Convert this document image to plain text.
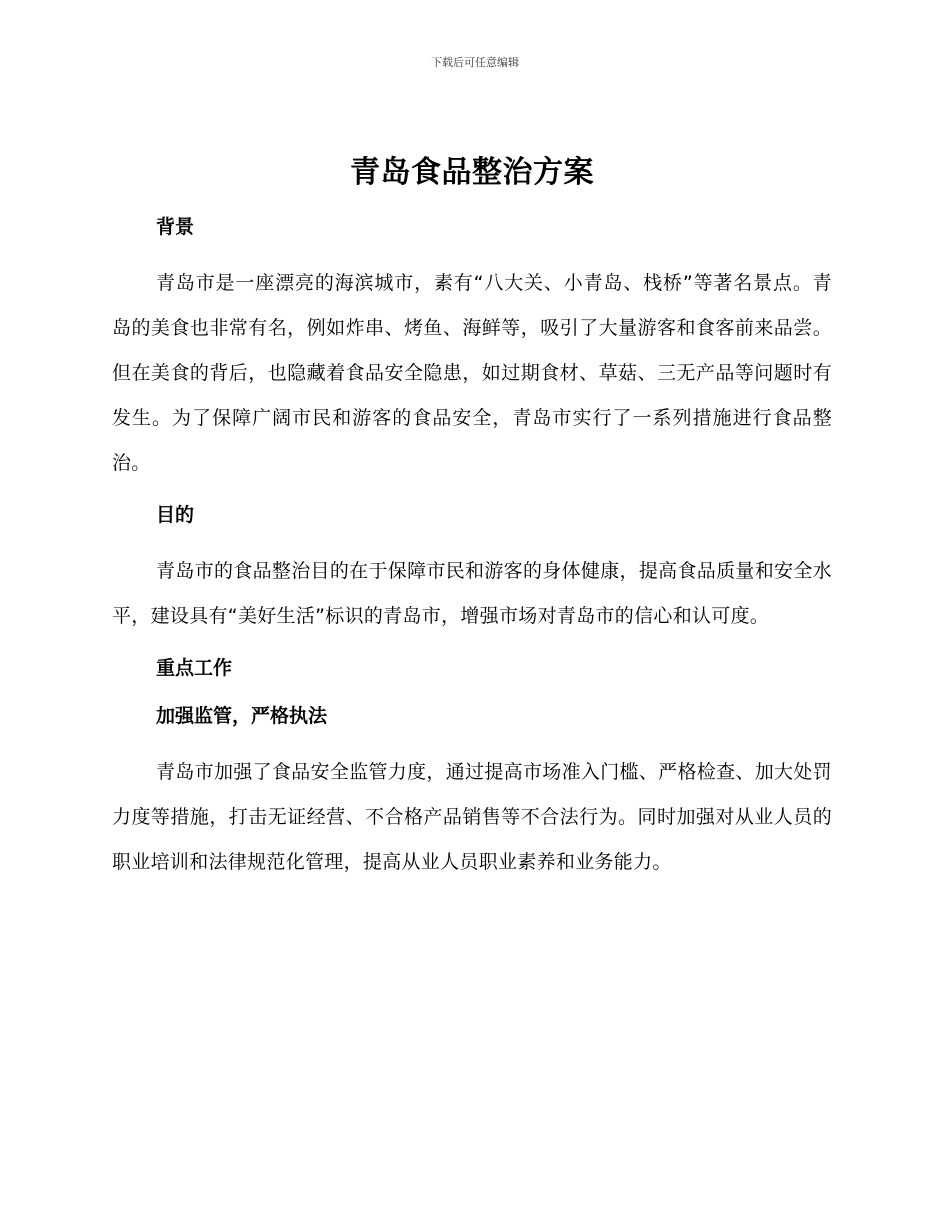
下载后可任意编辑
青岛食品整治方案

背景

青岛市是一座漂亮的海滨城市，素有“八大关、小青岛、栈桥”等著名景点。青岛的美食也非常有名，例如炸串、烤鱼、海鲜等，吸引了大量游客和食客前来品尝。但在美食的背后，也隐藏着食品安全隐患，如过期食材、草菇、三无产品等问题时有发生。为了保障广阔市民和游客的食品安全，青岛市实行了一系列措施进行食品整治。

目的

青岛市的食品整治目的在于保障市民和游客的身体健康，提高食品质量和安全水平，建设具有“美好生活”标识的青岛市，增强市场对青岛市的信心和认可度。

重点工作

加强监管，严格执法

青岛市加强了食品安全监管力度，通过提高市场准入门槛、严格检查、加大处罚力度等措施，打击无证经营、不合格产品销售等不合法行为。同时加强对从业人员的职业培训和法律规范化管理，提高从业人员职业素养和业务能力。
